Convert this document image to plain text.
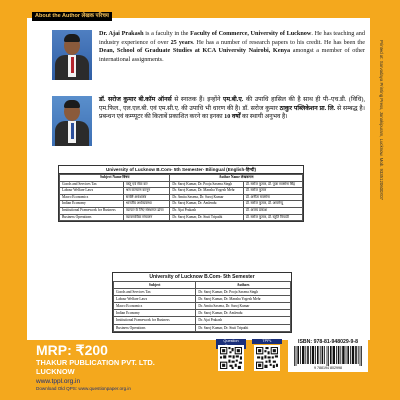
About the Author लेखक परिचय

Dr. Ajai Prakash is a faculty in the Faculty of Commerce, University of Lucknow. He has teaching and industry experience of over 25 years. He has a number of research papers to his credit. He has been the Dean, School of Graduate Studies at KCA University Nairobi, Kenya amongst a member of other international assignments.

डॉ. सरोज कुमार बी.कॉम ऑनर्स से स्नातक हैं। इन्होंने एम.बी.ए. की उपाधि हासिल की है साथ ही पी–एच.डी. (विधि), एम.फिल., एल.एल.बी. एवं एम.सी.ए. की उपाधि भी धारण की है। डॉ. सरोज कुमार ठाकुर पब्लिकेशन प्रा. लि. से सम्बद्ध है। प्रबन्धन एवं कम्प्यूटर की किताबें प्रकाशित करने का इनका 10 वर्षों का स्थायी अनुभव है।

University of Lucknow B.Com- 5th Semester- Bilingual (English-हिन्दी)
Subject Name विषय		Author Name लेखकगण	
Goods and Services Tax	वस्तु एवं सेवा कर	Dr. Saroj Kumar, Dr. Pooja Saxena Singh	डॉ. सरोज कुमार, डॉ. पूजा सक्सेना सिंह
Labour Welfare Laws	श्रम कल्याण कानून	Dr. Saroj Kumar, Dr. Mansha Yogesh Mehr	डॉ. सरोज कुमार
Macro Economics	समष्टि अर्थशास्त्र	Dr. Amita Saxena, Dr. Saroj Kumar	डॉ. अनीता सक्सेना
Indian Economy	भारतीय अर्थव्यवस्था	Dr. Saroj Kumar, Dr. Amlendu	डॉ. सरोज कुमार, डॉ. अमलेन्दु
Institutional Framework for Business	व्यापार के लिए संस्थागत ढांचा	Dr. Ajai Prakash	डॉ. अजय प्रकाश
Business Operations	व्यावसायिक संचालन	Dr. Saroj Kumar, Dr. Stuti Tripathi	डॉ. सरोज कुमार, डॉ. स्तुति त्रिपाठी
University of Lucknow B.Com- 5th Semester
Subject	Authors
Goods and Services Tax	Dr. Saroj Kumar, Dr. Pooja Saxena Singh
Labour Welfare Laws	Dr. Saroj Kumar, Dr. Mansha Yogesh Mehr
Macro Economics	Dr. Amita Saxena, Dr. Saroj Kumar
Indian Economy	Dr. Saroj Kumar, Dr. Amlendu
Institutional Framework for Business	Dr. Ajai Prakash
Business Operations	Dr. Saroj Kumar, Dr. Stuti Tripathi
Printed at: Sarvodaya Printing Press, Janakipuram, Lucknow. Mob. 9335120600X07
MRP: ₹200
THAKUR PUBLICATION PVT. LTD.
LUCKNOW
www.tppl.org.in
Download Old QPS: www.questionpaper.org.in
Question	TPPL	ISBN: 978-81-948029-9-8
9 788194 802998
